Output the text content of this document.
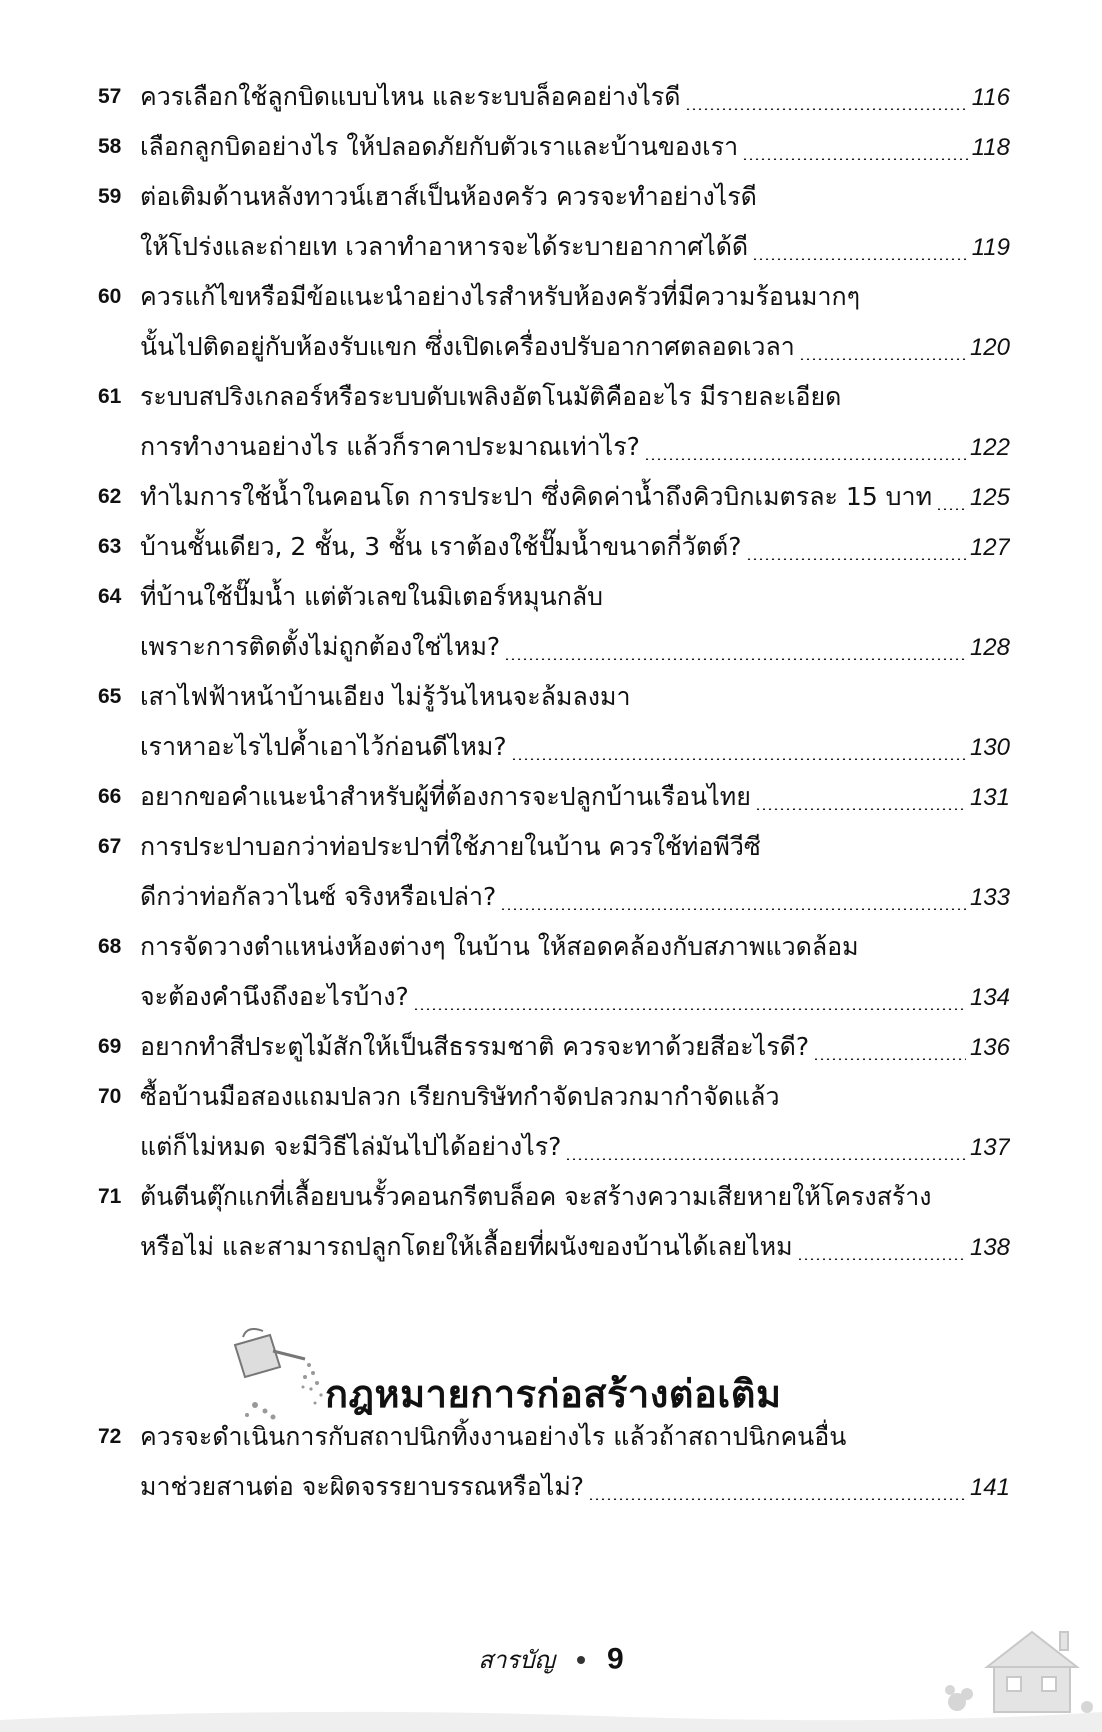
57 ควรเลือกใช้ลูกบิดแบบไหน และระบบล็อคอย่างไรดี	116
58 เลือกลูกบิดอย่างไร ให้ปลอดภัยกับตัวเราและบ้านของเรา	118
59 ต่อเติมด้านหลังทาวน์เฮาส์เป็นห้องครัว ควรจะทำอย่างไรดี
ให้โปร่งและถ่ายเท เวลาทำอาหารจะได้ระบายอากาศได้ดี	119
60 ควรแก้ไขหรือมีข้อแนะนำอย่างไรสำหรับห้องครัวที่มีความร้อนมากๆ
นั้นไปติดอยู่กับห้องรับแขก ซึ่งเปิดเครื่องปรับอากาศตลอดเวลา	120
61 ระบบสปริงเกลอร์หรือระบบดับเพลิงอัตโนมัติคืออะไร มีรายละเอียด
การทำงานอย่างไร แล้วก็ราคาประมาณเท่าไร?	122
62 ทำไมการใช้น้ำในคอนโด การประปา ซึ่งคิดค่าน้ำถึงคิวบิกเมตรละ 15 บาท 125
63 บ้านชั้นเดียว, 2 ชั้น, 3 ชั้น เราต้องใช้ปั๊มน้ำขนาดกี่วัตต์?	127
64 ที่บ้านใช้ปั๊มน้ำ แต่ตัวเลขในมิเตอร์หมุนกลับ
เพราะการติดตั้งไม่ถูกต้องใช่ไหม?	128
65 เสาไฟฟ้าหน้าบ้านเอียง ไม่รู้วันไหนจะล้มลงมา
เราหาอะไรไปค้ำเอาไว้ก่อนดีไหม?	130
66 อยากขอคำแนะนำสำหรับผู้ที่ต้องการจะปลูกบ้านเรือนไทย	131
67 การประปาบอกว่าท่อประปาที่ใช้ภายในบ้าน ควรใช้ท่อพีวีซี
ดีกว่าท่อกัลวาไนซ์ จริงหรือเปล่า?	133
68 การจัดวางตำแหน่งห้องต่างๆ ในบ้าน ให้สอดคล้องกับสภาพแวดล้อม
จะต้องคำนึงถึงอะไรบ้าง?	134
69 อยากทำสีประตูไม้สักให้เป็นสีธรรมชาติ ควรจะทาด้วยสีอะไรดี?	136
70 ซื้อบ้านมือสองแถมปลวก เรียกบริษัทกำจัดปลวกมากำจัดแล้ว
แต่ก็ไม่หมด จะมีวิธีไล่มันไปได้อย่างไร?	137
71 ต้นตีนตุ๊กแกที่เลื้อยบนรั้วคอนกรีตบล็อค จะสร้างความเสียหายให้โครงสร้าง
หรือไม่ และสามารถปลูกโดยให้เลื้อยที่ผนังของบ้านได้เลยไหม	138
กฎหมายการก่อสร้างต่อเติม
72 ควรจะดำเนินการกับสถาปนิกทิ้งงานอย่างไร แล้วถ้าสถาปนิกคนอื่น
มาช่วยสานต่อ จะผิดจรรยาบรรณหรือไม่?	141
สารบัญ 9
